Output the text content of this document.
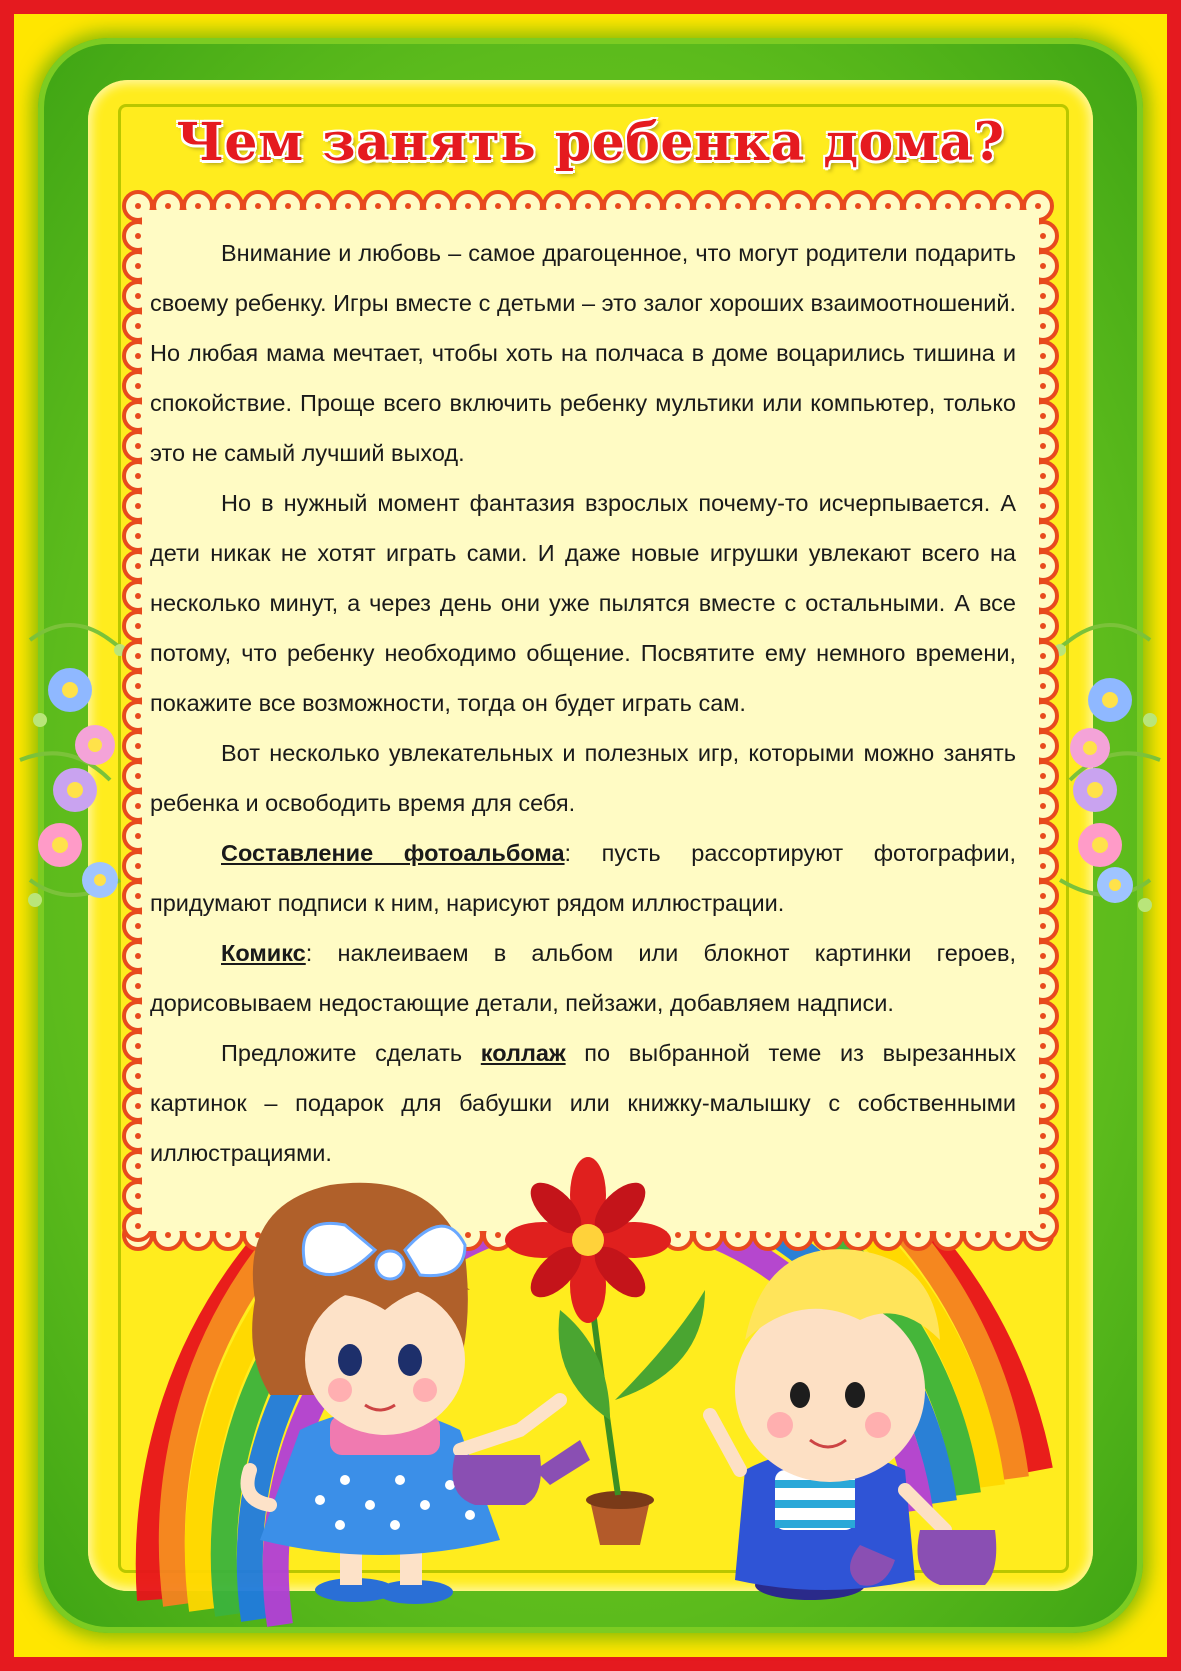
Чем занять ребенка дома?

Внимание и любовь – самое драгоценное, что могут родители подарить своему ребенку. Игры вместе с детьми – это залог хороших взаимоотношений. Но любая мама мечтает, чтобы хоть на полчаса в доме воцарились тишина и спокойствие. Проще всего включить ребенку мультики или компьютер, только это не самый лучший выход.

Но в нужный момент фантазия взрослых почему-то исчерпывается. А дети никак не хотят играть сами. И даже новые игрушки увлекают всего на несколько минут, а через день они уже пылятся вместе с остальными. А все потому, что ребенку необходимо общение. Посвятите ему немного времени, покажите все возможности, тогда он будет играть сам.

Вот несколько увлекательных и полезных игр, которыми можно занять ребенка и освободить время для себя.

Составление фотоальбома: пусть рассортируют фотографии, придумают подписи к ним, нарисуют рядом иллюстрации.

Комикс: наклеиваем в альбом или блокнот картинки героев, дорисовываем недостающие детали, пейзажи, добавляем надписи.

Предложите сделать коллаж по выбранной теме из вырезанных картинок – подарок для бабушки или книжку-малышку с собственными иллюстрациями.
